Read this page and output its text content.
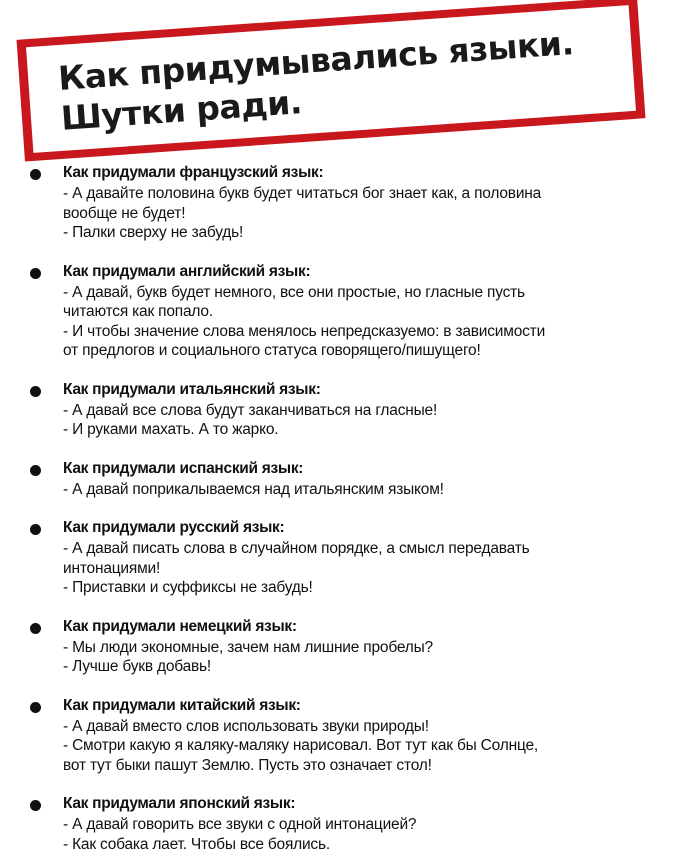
Как придумывались языки.
Шутки ради.
Как придумали французский язык:
- А давайте половина букв будет читаться бог знает как, а половина
вообще не будет!
- Палки сверху не забудь!
Как придумали английский язык:
- А давай, букв будет немного, все они простые, но гласные пусть
читаются как попало.
- И чтобы значение слова менялось непредсказуемо: в зависимости
от предлогов и социального статуса говорящего/пишущего!
Как придумали итальянский язык:
- А давай все слова будут заканчиваться на гласные!
- И руками махать. А то жарко.
Как придумали испанский язык:
- А давай поприкалываемся над итальянским языком!
Как придумали русский язык:
- А давай писать слова в случайном порядке, а смысл передавать
интонациями!
- Приставки и суффиксы не забудь!
Как придумали немецкий язык:
- Мы люди экономные, зачем нам лишние пробелы?
- Лучше букв добавь!
Как придумали китайский язык:
- А давай вместо слов использовать звуки природы!
- Смотри какую я каляку-маляку нарисовал. Вот тут как бы Солнце,
вот тут быки пашут Землю. Пусть это означает стол!
Как придумали японский язык:
- А давай говорить все звуки с одной интонацией?
- Как собака лает. Чтобы все боялись.
